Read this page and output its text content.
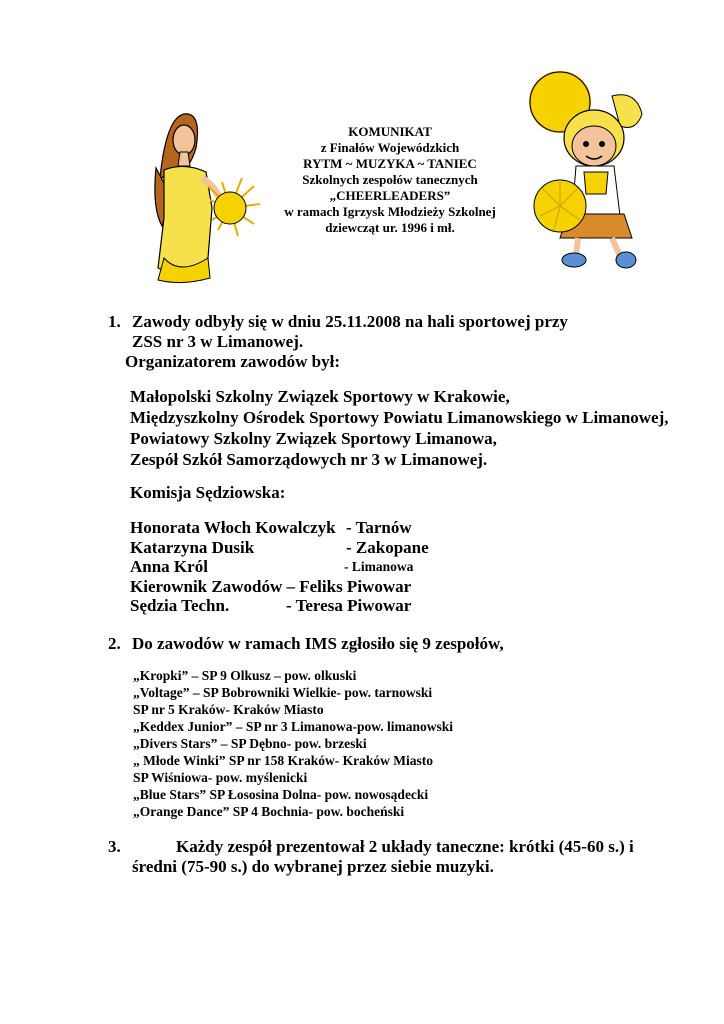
KOMUNIKAT
z Finałów Wojewódzkich
RYTM ~ MUZYKA ~ TANIEC
Szkolnych zespołów tanecznych
„CHEERLEADERS”
w ramach Igrzysk Młodzieży Szkolnej
dziewcząt ur. 1996 i mł.
1. Zawody odbyły się w dniu 25.11.2008 na hali sportowej przy
ZSS nr 3 w Limanowej.
Organizatorem zawodów był:
Małopolski Szkolny Związek Sportowy w Krakowie,
Międzyszkolny Ośrodek Sportowy Powiatu Limanowskiego w Limanowej,
Powiatowy Szkolny Związek Sportowy Limanowa,
Zespół Szkół Samorządowych nr 3 w Limanowej.
Komisja Sędziowska:
Honorata Włoch Kowalczyk - Tarnów
Katarzyna Dusik	- Zakopane
Anna Król	- Limanowa
Kierownik Zawodów – Feliks Piwowar
Sędzia Techn.	- Teresa Piwowar
2. Do zawodów w ramach IMS zgłosiło się 9 zespołów,
„Kropki” – SP 9 Olkusz – pow. olkuski
„Voltage” – SP Bobrowniki Wielkie- pow. tarnowski
SP nr 5 Kraków- Kraków Miasto
„Keddex Junior” – SP nr 3 Limanowa-pow. limanowski
„Divers Stars” – SP Dębno- pow. brzeski
„ Młode Winki” SP nr 158 Kraków- Kraków Miasto
SP Wiśniowa- pow. myślenicki
„Blue Stars” SP Łososina Dolna- pow. nowosądecki
„Orange Dance” SP 4 Bochnia- pow. bocheński
3.	Każdy zespół prezentował 2 układy taneczne: krótki (45-60 s.) i
średni (75-90 s.) do wybranej przez siebie muzyki.
